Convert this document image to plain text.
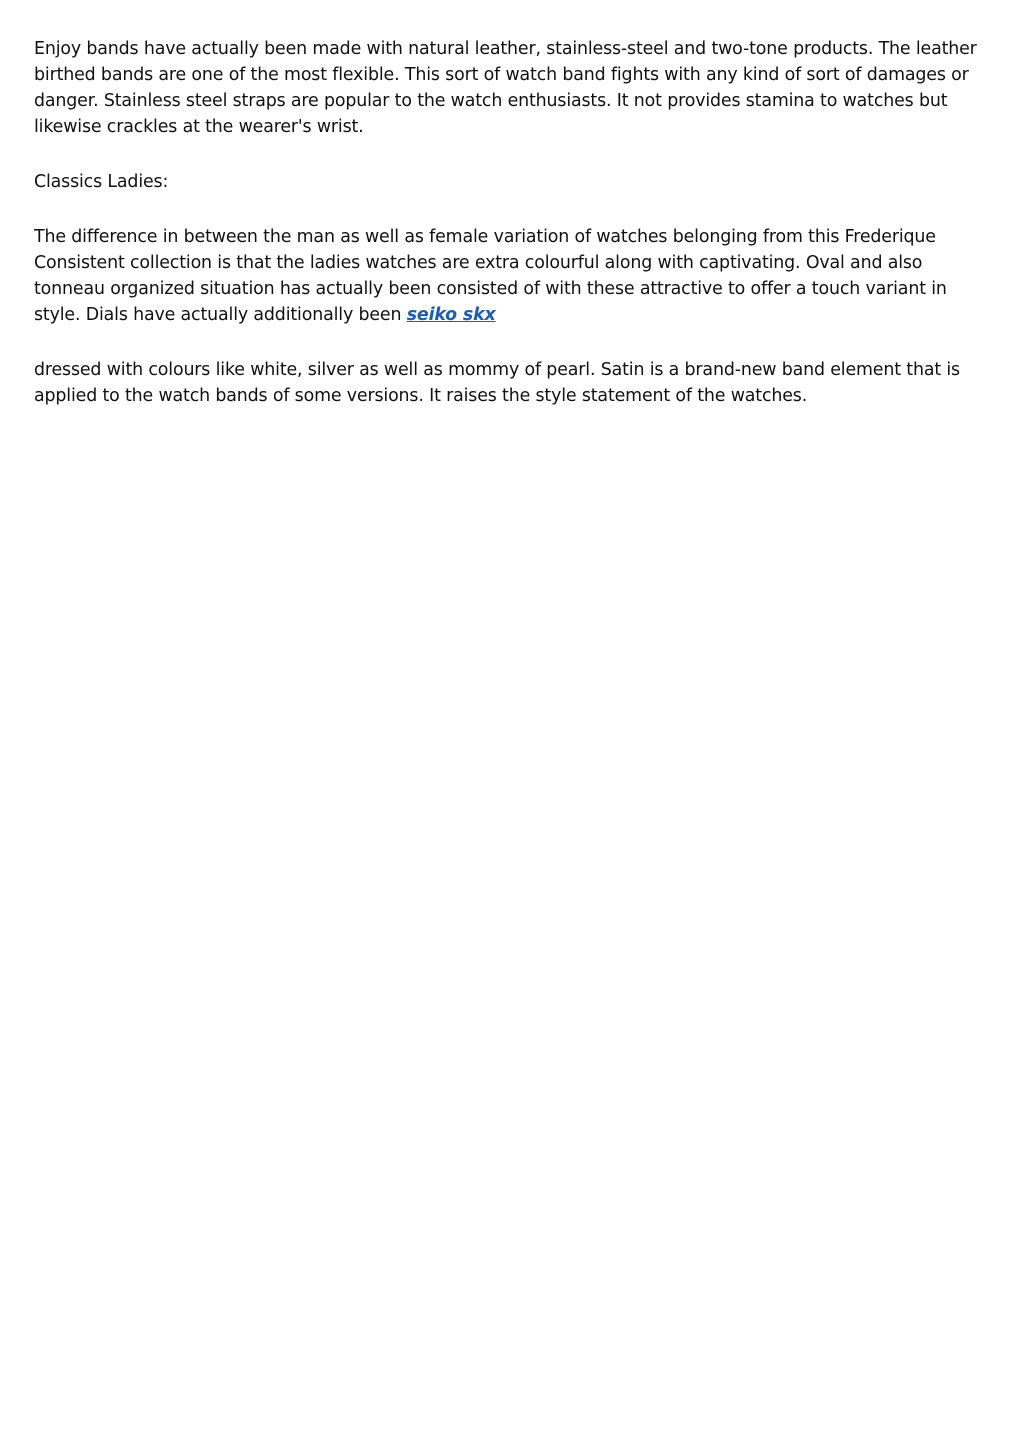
Enjoy bands have actually been made with natural leather, stainless-steel and two-tone products. The leather birthed bands are one of the most flexible. This sort of watch band fights with any kind of sort of damages or danger. Stainless steel straps are popular to the watch enthusiasts. It not provides stamina to watches but likewise crackles at the wearer's wrist.

Classics Ladies:

The difference in between the man as well as female variation of watches belonging from this Frederique Consistent collection is that the ladies watches are extra colourful along with captivating. Oval and also tonneau organized situation has actually been consisted of with these attractive to offer a touch variant in style. Dials have actually additionally been seiko skx

dressed with colours like white, silver as well as mommy of pearl. Satin is a brand-new band element that is applied to the watch bands of some versions. It raises the style statement of the watches.
